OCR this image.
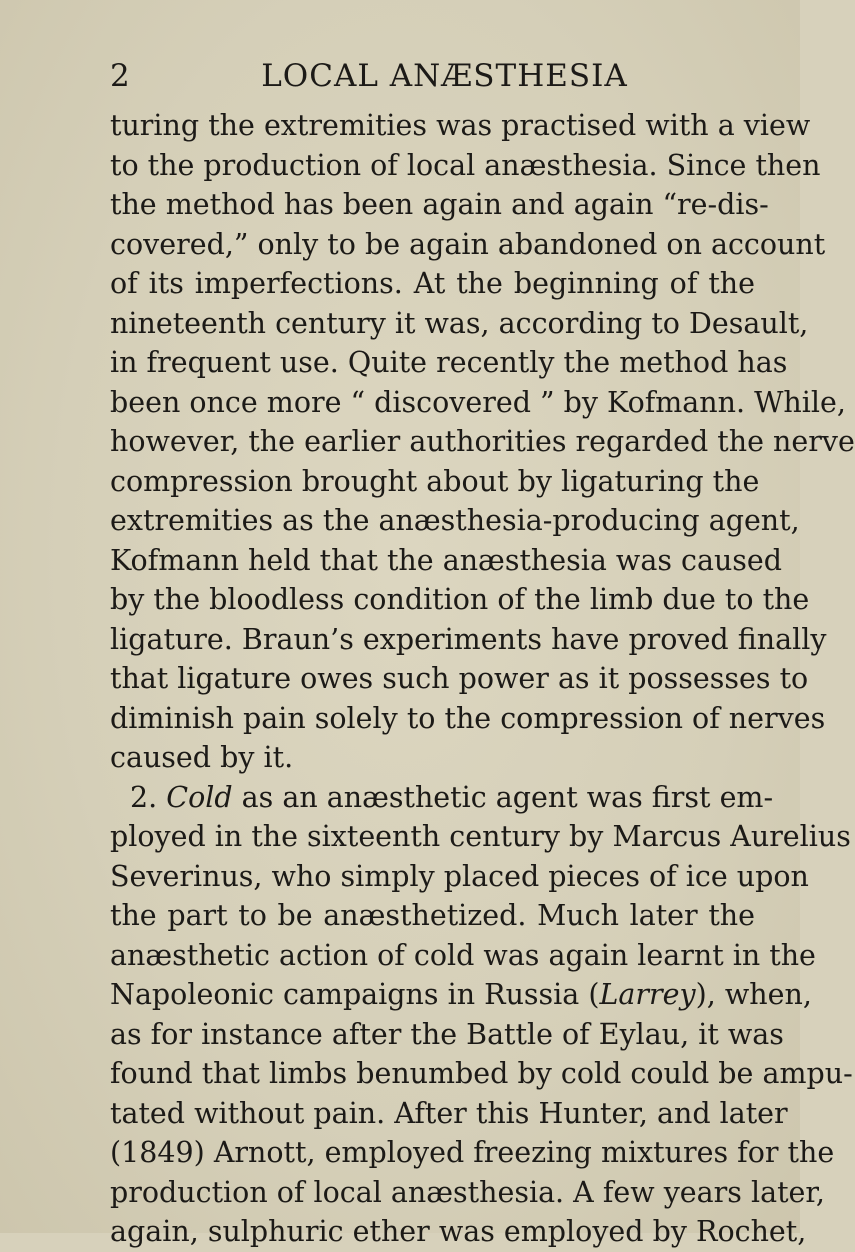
2	LOCAL ANÆSTHESIA
turing the extremities was practised with a view
to the production of local anæsthesia. Since then
the method has been again and again “re-dis-
covered,” only to be again abandoned on account
of its imperfections. At the beginning of the
nineteenth century it was, according to Desault,
in frequent use. Quite recently the method has
been once more “ discovered ” by Kofmann. While,
however, the earlier authorities regarded the nerve
compression brought about by ligaturing the
extremities as the anæsthesia-producing agent,
Kofmann held that the anæsthesia was caused
by the bloodless condition of the limb due to the
ligature. Braun’s experiments have proved finally
that ligature owes such power as it possesses to
diminish pain solely to the compression of nerves
caused by it.
2. Cold as an anæsthetic agent was first em-
ployed in the sixteenth century by Marcus Aurelius
Severinus, who simply placed pieces of ice upon
the part to be anæsthetized. Much later the
anæsthetic action of cold was again learnt in the
Napoleonic campaigns in Russia (Larrey), when,
as for instance after the Battle of Eylau, it was
found that limbs benumbed by cold could be ampu-
tated without pain. After this Hunter, and later
(1849) Arnott, employed freezing mixtures for the
production of local anæsthesia. A few years later,
again, sulphuric ether was employed by Rochet,
